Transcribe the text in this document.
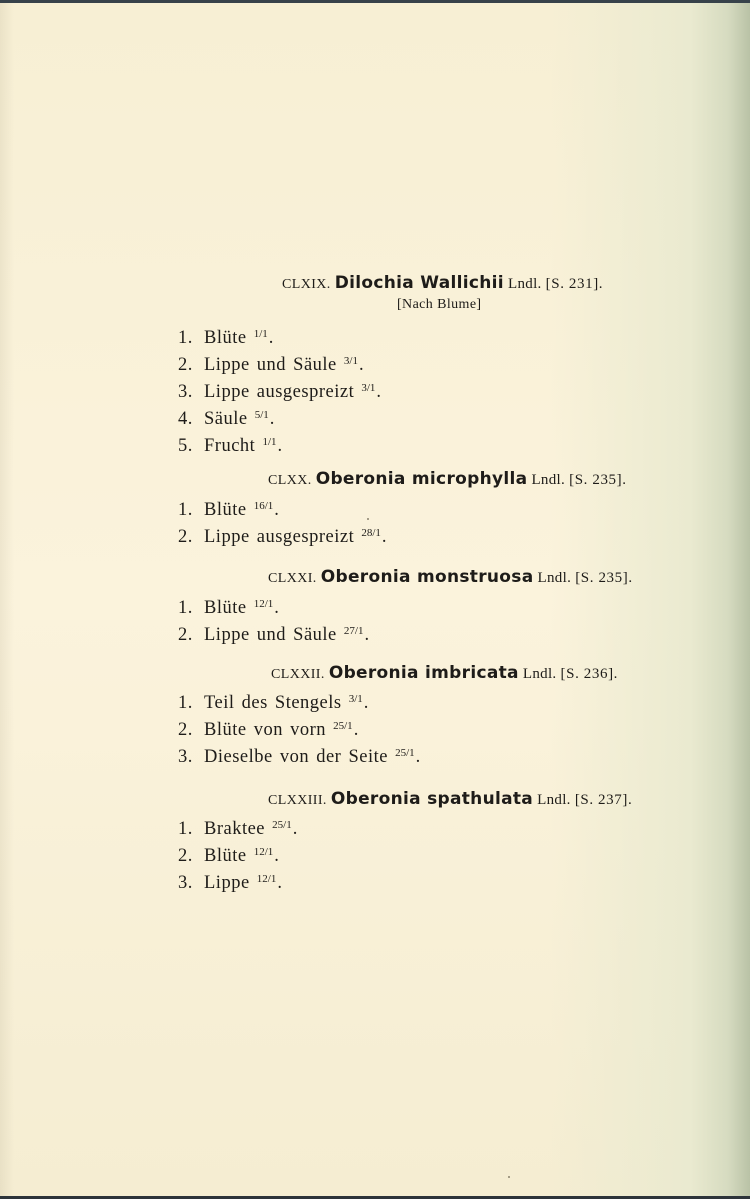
CLXIX. Dilochia Wallichii Lndl. [S. 231].
[Nach Blume]
1. Blüte $^{1/1}$.
2. Lippe und Säule $^{3/1}$.
3. Lippe ausgespreizt $^{3/1}$.
4. Säule $^{5/1}$.
5. Frucht $^{1/1}$.
CLXX. Oberonia microphylla Lndl. [S. 235].
1. Blüte $^{16/1}$.
2. Lippe ausgespreizt $^{28/1}$.
CLXXI. Oberonia monstruosa Lndl. [S. 235].
1. Blüte $^{12/1}$.
2. Lippe und Säule $^{27/1}$.
CLXXII. Oberonia imbricata Lndl. [S. 236].
1. Teil des Stengels $^{3/1}$.
2. Blüte von vorn $^{25/1}$.
3. Dieselbe von der Seite $^{25/1}$.
CLXXIII. Oberonia spathulata Lndl. [S. 237].
1. Braktee $^{25/1}$.
2. Blüte $^{12/1}$.
3. Lippe $^{12/1}$.
